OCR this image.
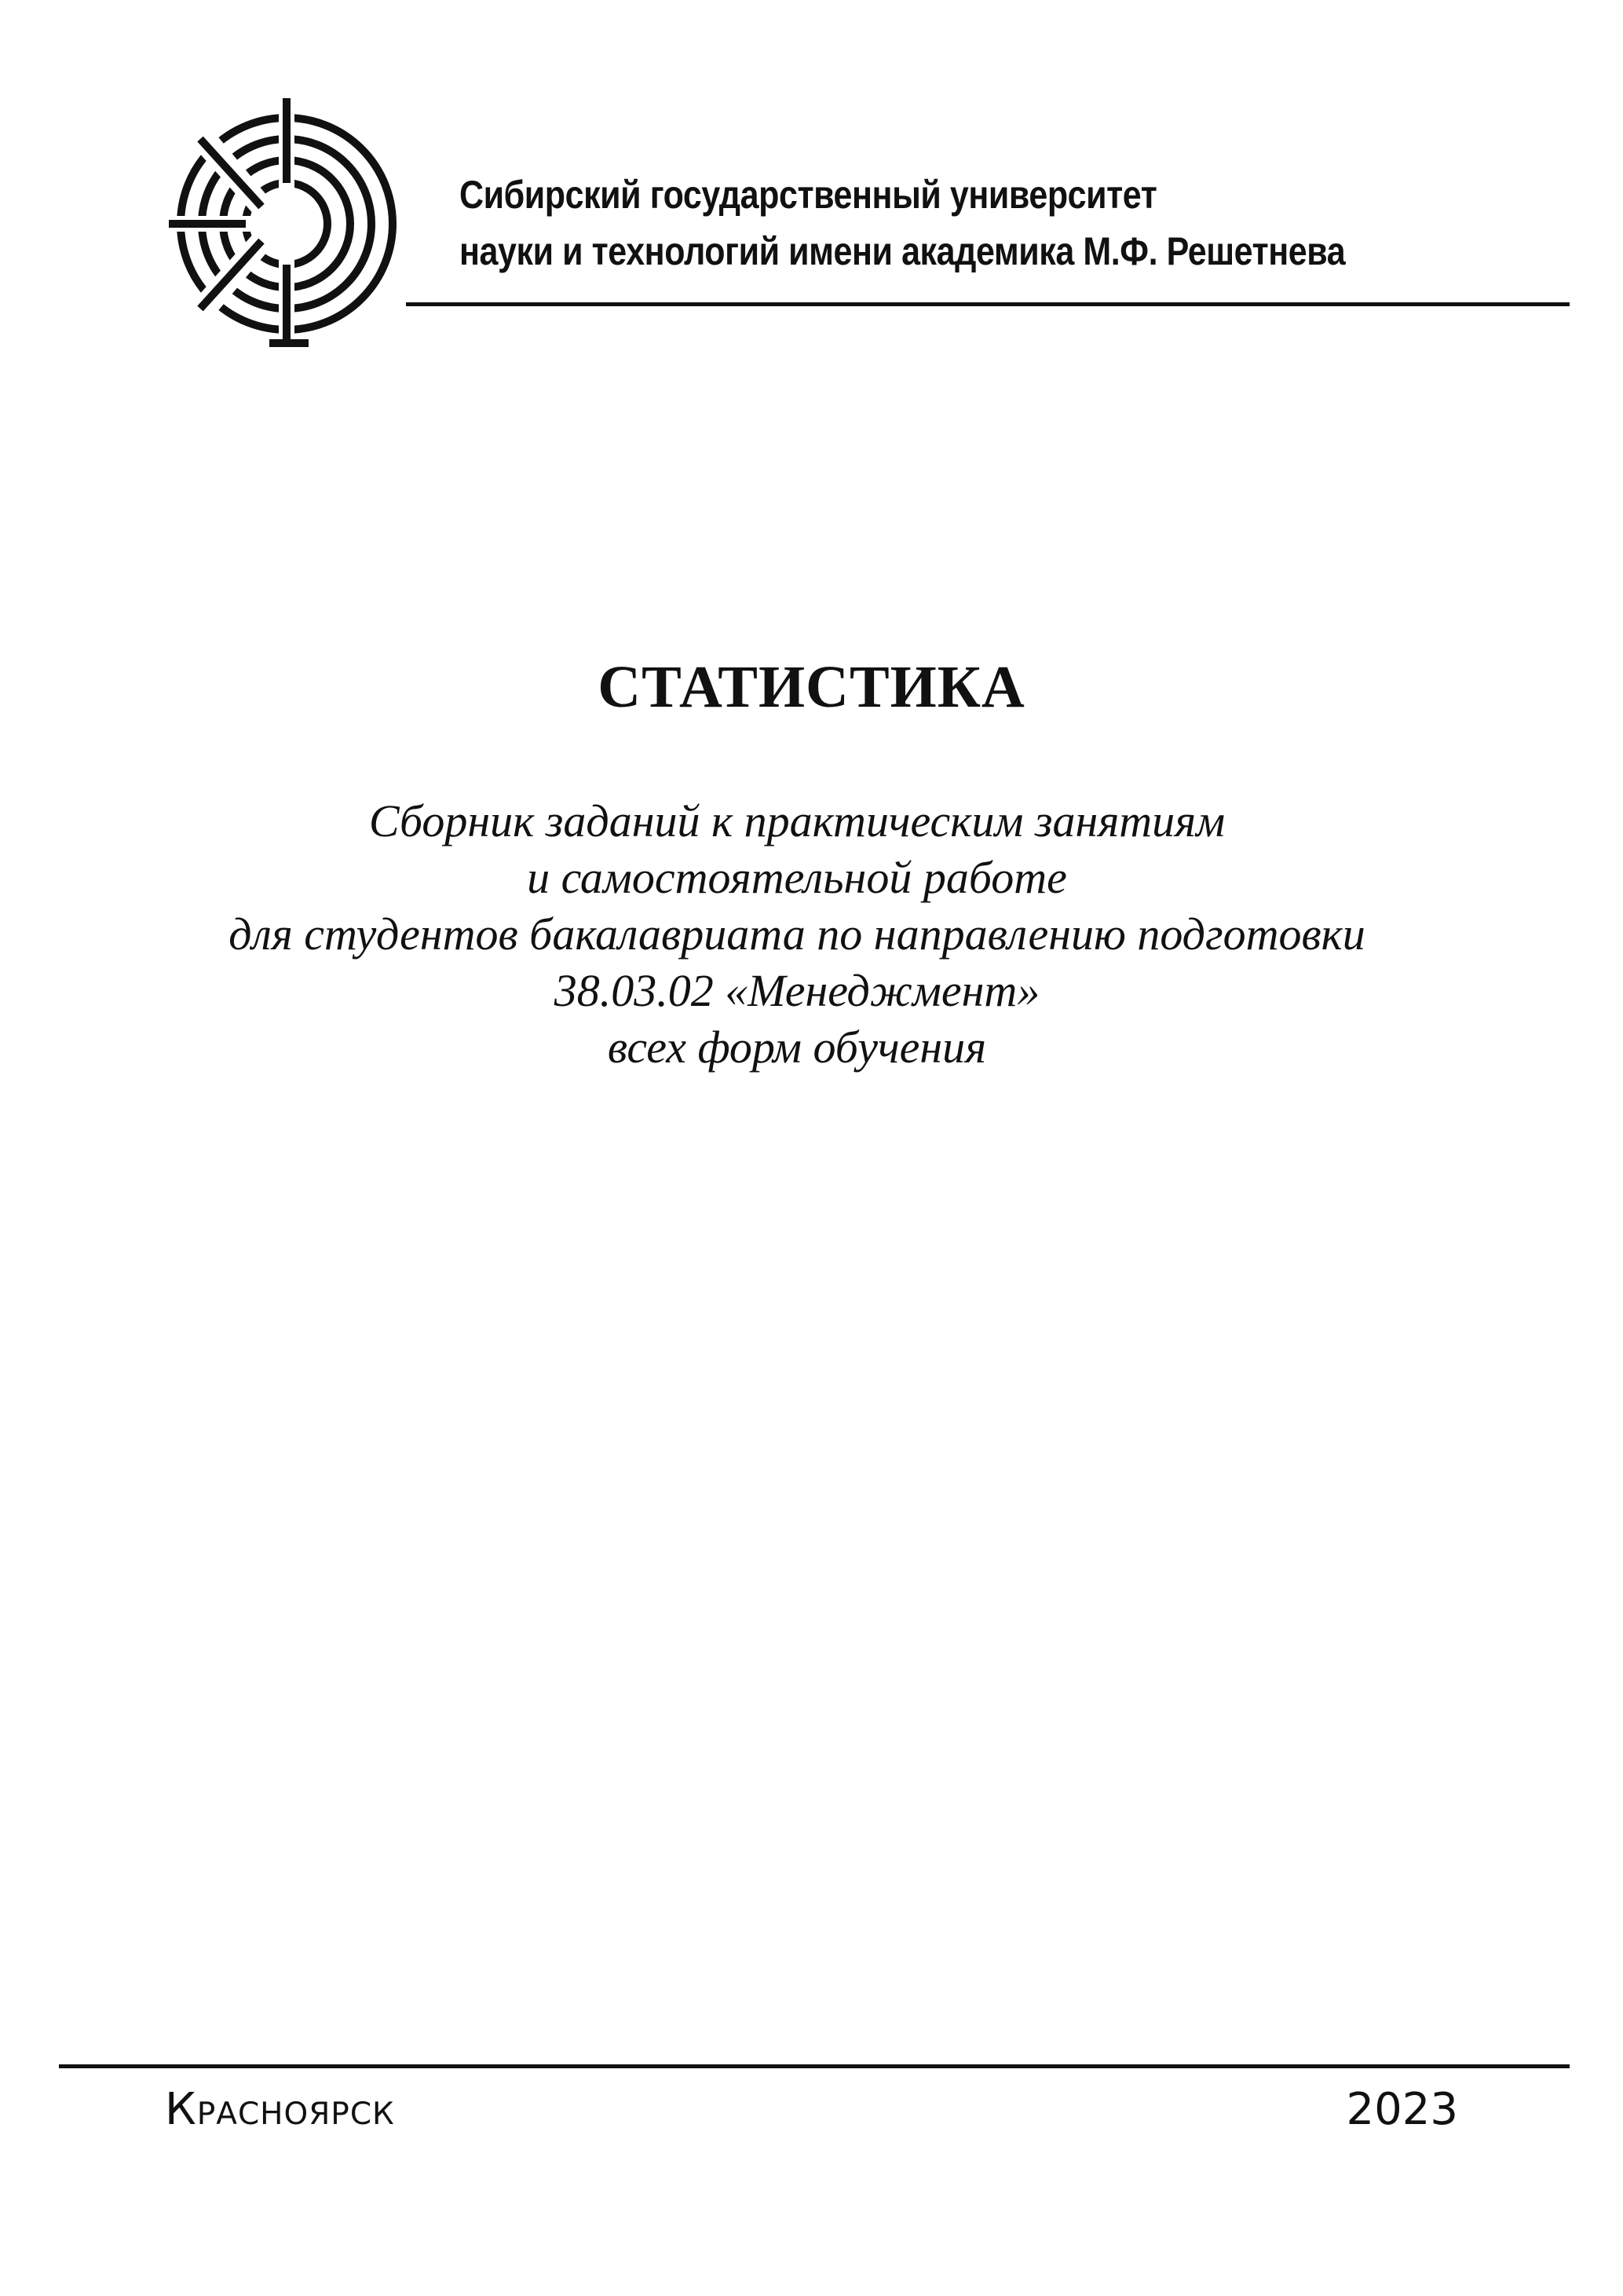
Сибирский государственный университет
науки и технологий имени академика М.Ф. Решетнева
СТАТИСТИКА
Сборник заданий к практическим занятиям
и самостоятельной работе
для студентов бакалавриата по направлению подготовки
38.03.02 «Менеджмент»
всех форм обучения
Красноярск	2023
